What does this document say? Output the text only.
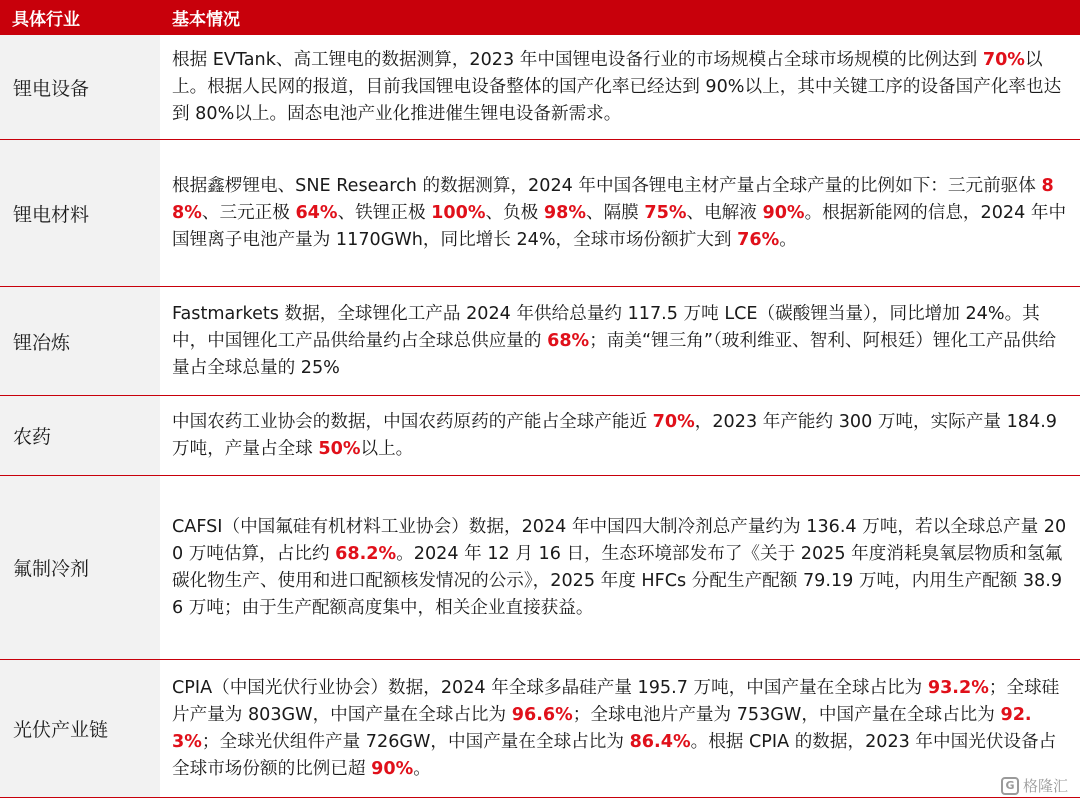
具体行业	基本情况
锂电设备

根据 EVTank、高工锂电的数据测算，2023 年中国锂电设备行业的市场规模占全球市场规模的比例达到 70%以上。根据人民网的报道，目前我国锂电设备整体的国产化率已经达到 90%以上，其中关键工序的设备国产化率也达到 80%以上。固态电池产业化推进催生锂电设备新需求。

锂电材料

根据鑫椤锂电、SNE Research 的数据测算，2024 年中国各锂电主材产量占全球产量的比例如下：三元前驱体 88%、三元正极 64%、铁锂正极 100%、负极 98%、隔膜 75%、电解液 90%。根据新能网的信息，2024 年中国锂离子电池产量为 1170GWh，同比增长 24%，全球市场份额扩大到 76%。

锂冶炼

Fastmarkets 数据，全球锂化工产品 2024 年供给总量约 117.5 万吨 LCE（碳酸锂当量），同比增加 24%。其中，中国锂化工产品供给量约占全球总供应量的 68%；南美“锂三角”（玻利维亚、智利、阿根廷）锂化工产品供给量占全球总量的 25%

农药

中国农药工业协会的数据，中国农药原药的产能占全球产能近 70%，2023 年产能约 300 万吨，实际产量 184.9 万吨，产量占全球 50%以上。

氟制冷剂

CAFSI（中国氟硅有机材料工业协会）数据，2024 年中国四大制冷剂总产量约为 136.4 万吨，若以全球总产量 200 万吨估算，占比约 68.2%。2024 年 12 月 16 日，生态环境部发布了《关于 2025 年度消耗臭氧层物质和氢氟碳化物生产、使用和进口配额核发情况的公示》，2025 年度 HFCs 分配生产配额 79.19 万吨，内用生产配额 38.96 万吨；由于生产配额高度集中，相关企业直接获益。

光伏产业链

CPIA（中国光伏行业协会）数据，2024 年全球多晶硅产量 195.7 万吨，中国产量在全球占比为 93.2%；全球硅片产量为 803GW，中国产量在全球占比为 96.6%；全球电池片产量为 753GW，中国产量在全球占比为 92.3%；全球光伏组件产量 726GW，中国产量在全球占比为 86.4%。根据 CPIA 的数据，2023 年中国光伏设备占全球市场份额的比例已超 90%。

G 格隆汇
